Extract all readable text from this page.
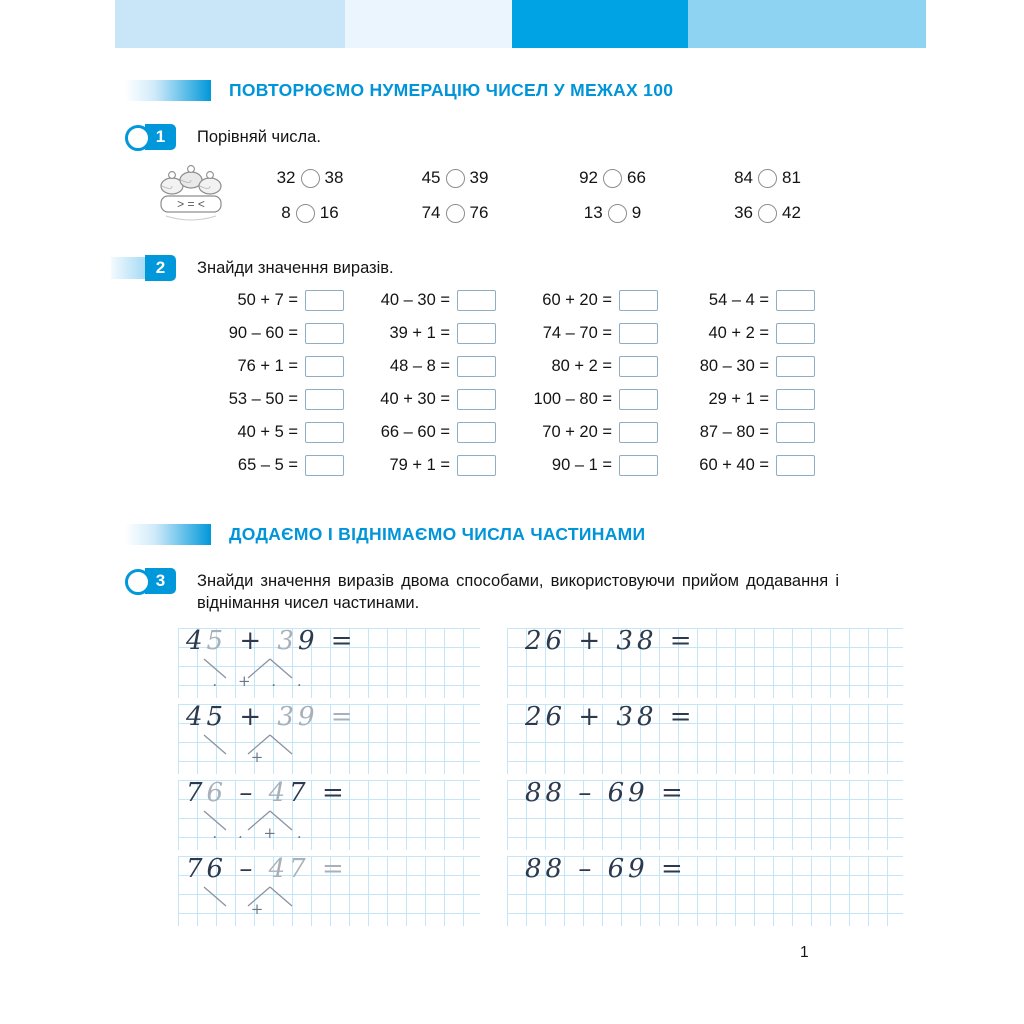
ПОВТОРЮЄМО НУМЕРАЦІЮ ЧИСЕЛ У МЕЖАХ 100
1	Порівняй числа.
> = <
32 38	45 39	92 66	84 81
8 16	74 76	13 9	36 42
2	Знайди значення виразів.
50 + 7 =	40 – 30 =	60 + 20 =	54 – 4 =
90 – 60 =	39 + 1 =	74 – 70 =	40 + 2 =
76 + 1 =	48 – 8 =	80 + 2 =	80 – 30 =
53 – 50 =	40 + 30 =	100 – 80 =	29 + 1 =
40 + 5 =	66 – 60 =	70 + 20 =	87 – 80 =
65 – 5 =	79 + 1 =	90 – 1 =	60 + 40 =
ДОДАЄМО І ВІДНІМАЄМО ЧИСЛА ЧАСТИНАМИ
3	Знайди значення виразів двома способами, використовуючи прийом додавання і віднімання чисел частинами.
45 + 39 =
. + . .
26 + 38 =
45 + 39 =
+
26 + 38 =
76 – 47 =
. . + .
88 – 69 =
76 – 47 =
+
88 – 69 =
1
